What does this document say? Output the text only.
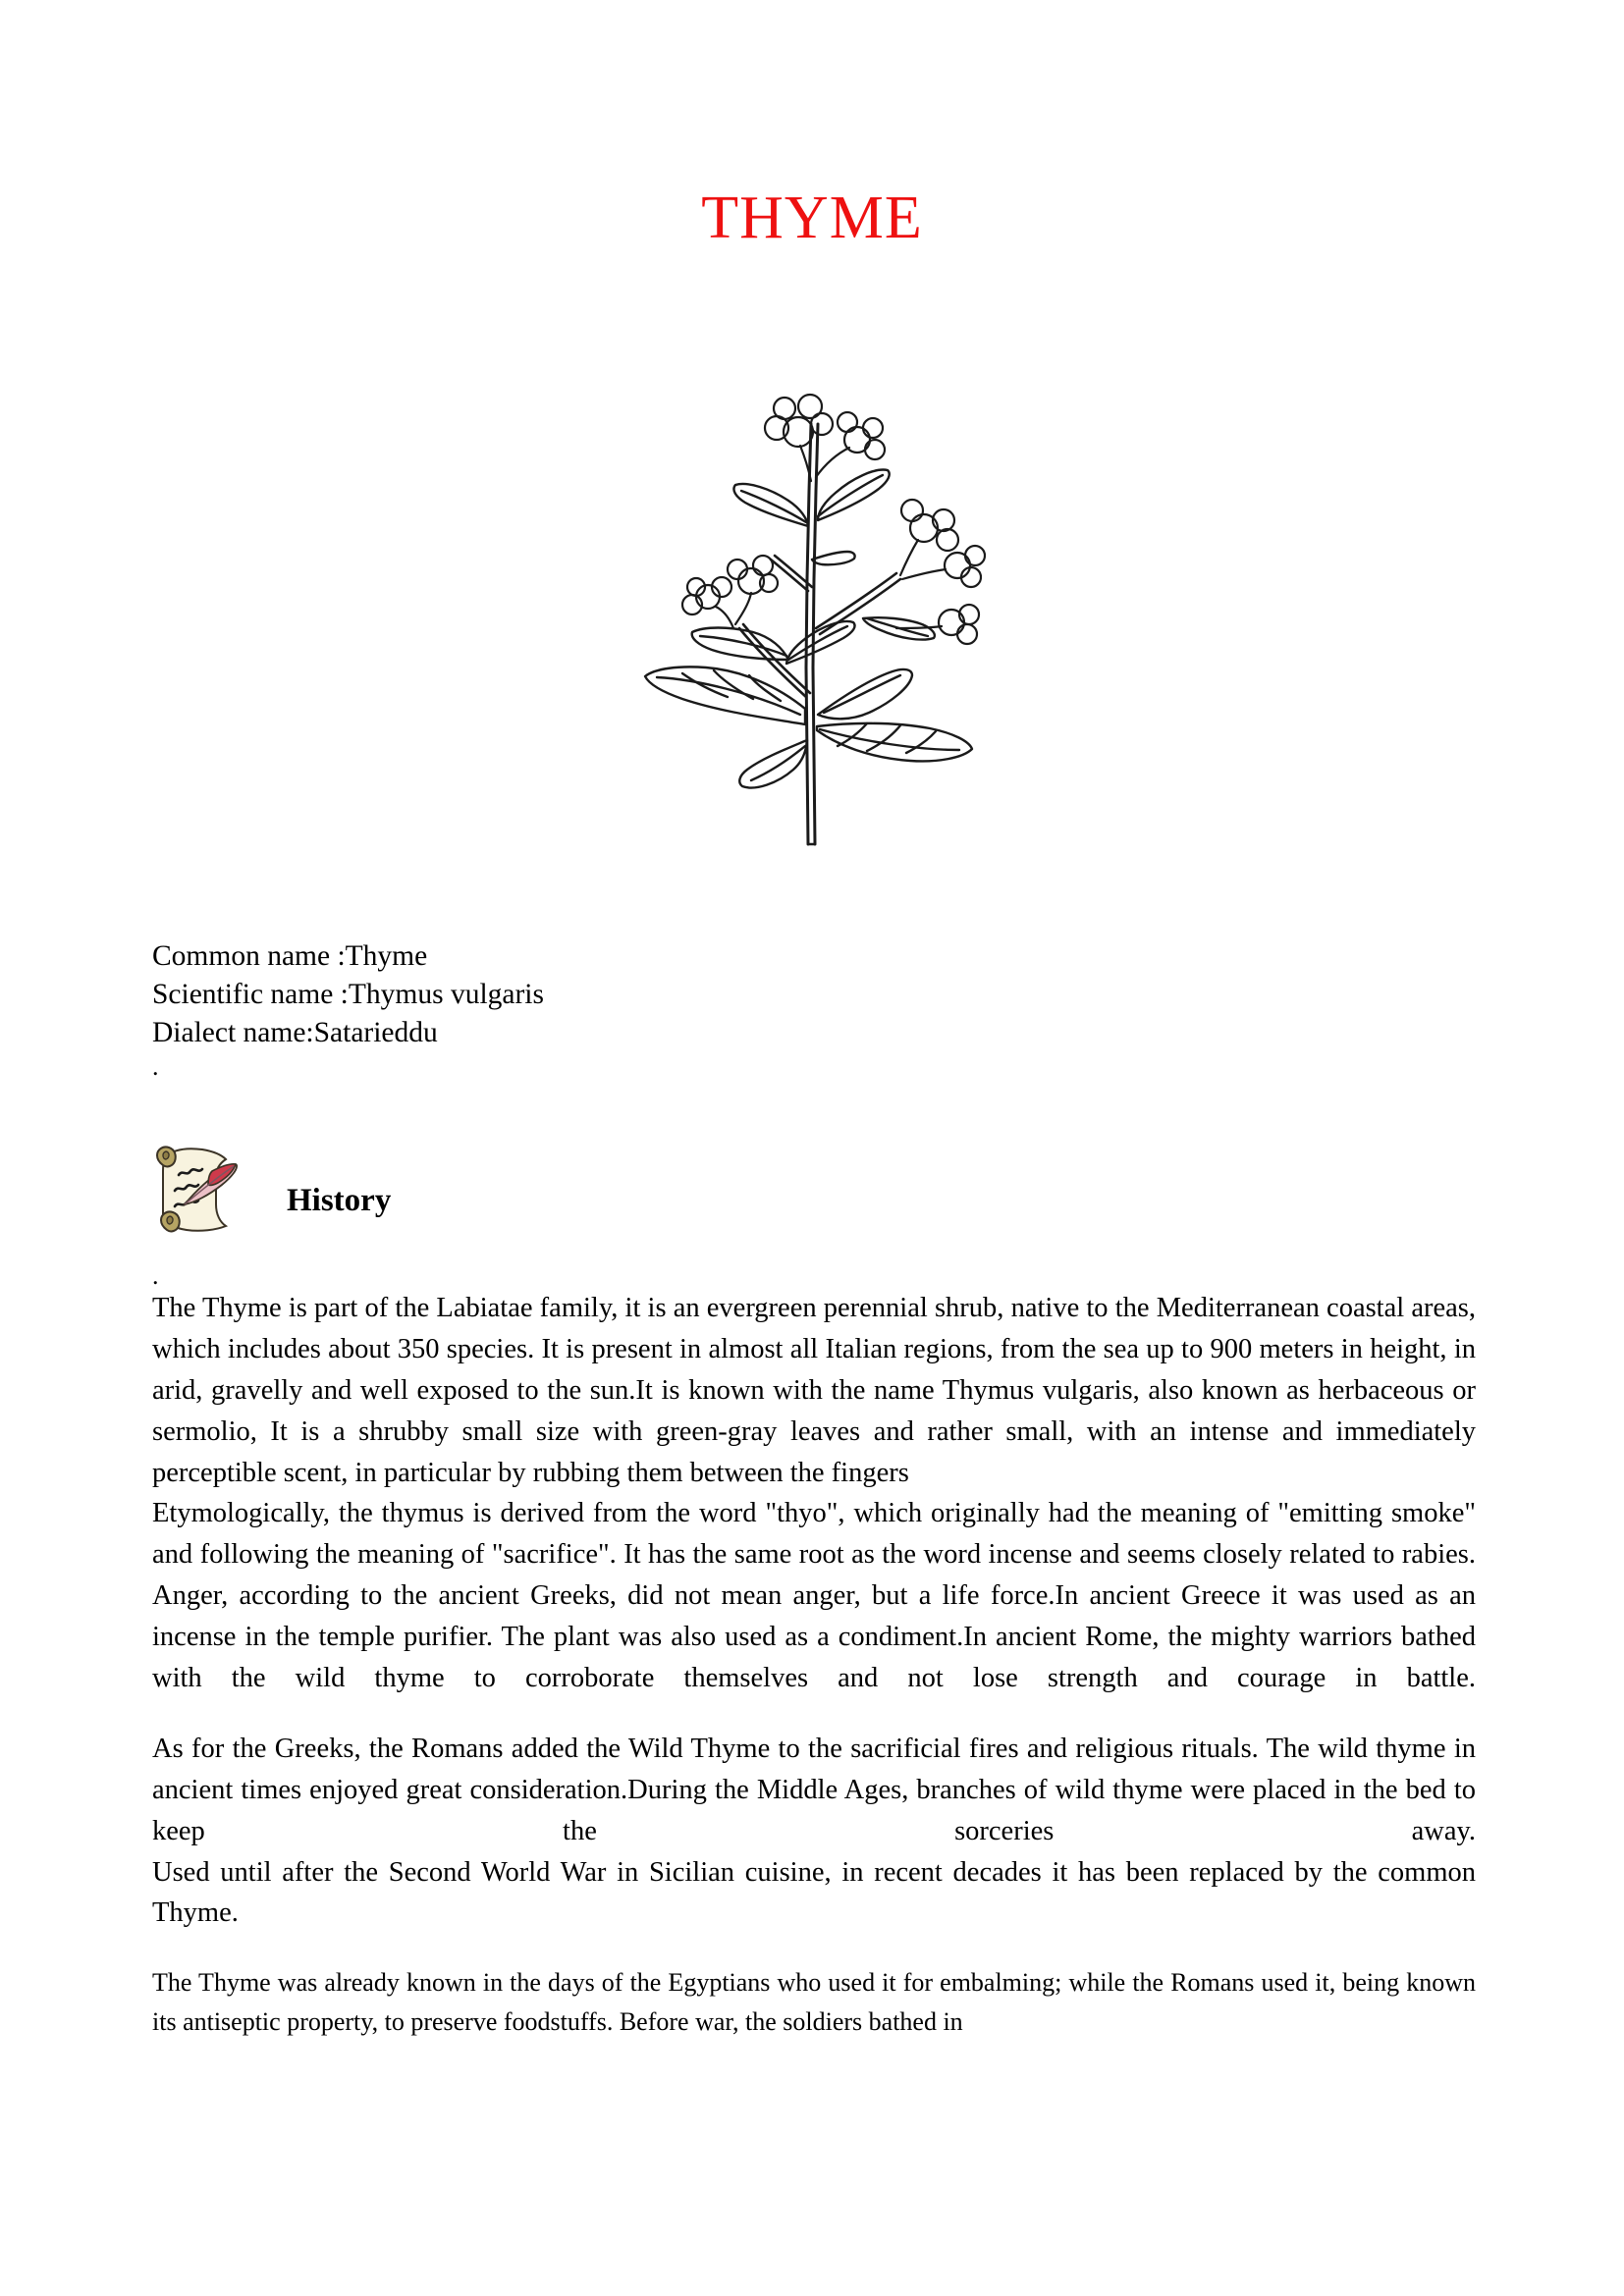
THYME
Common name :Thyme
Scientific name :Thymus vulgaris
Dialect name:Satarieddu
.
History
.

The Thyme is part of the Labiatae family, it is an evergreen perennial shrub, native to the Mediterranean coastal areas, which includes about 350 species. It is present in almost all Italian regions, from the sea up to 900 meters in height, in arid, gravelly and well exposed to the sun.It is known with the name Thymus vulgaris, also known as herbaceous or sermolio, It is a shrubby small size with green-gray leaves and rather small, with an intense and immediately perceptible scent, in particular by rubbing them between the fingers

Etymologically, the thymus is derived from the word "thyo", which originally had the meaning of "emitting smoke" and following the meaning of "sacrifice". It has the same root as the word incense and seems closely related to rabies. Anger, according to the ancient Greeks, did not mean anger, but a life force.In ancient Greece it was used as an incense in the temple purifier. The plant was also used as a condiment.In ancient Rome, the mighty warriors bathed with the wild thyme to corroborate themselves and not lose strength and courage in battle.

As for the Greeks, the Romans added the Wild Thyme to the sacrificial fires and religious rituals. The wild thyme in ancient times enjoyed great consideration.During the Middle Ages, branches of wild thyme were placed in the bed to keep the sorceries away.

Used until after the Second World War in Sicilian cuisine, in recent decades it has been replaced by the common Thyme.

The Thyme was already known in the days of the Egyptians who used it for embalming; while the Romans used it, being known its antiseptic property, to preserve foodstuffs. Before war, the soldiers bathed in
